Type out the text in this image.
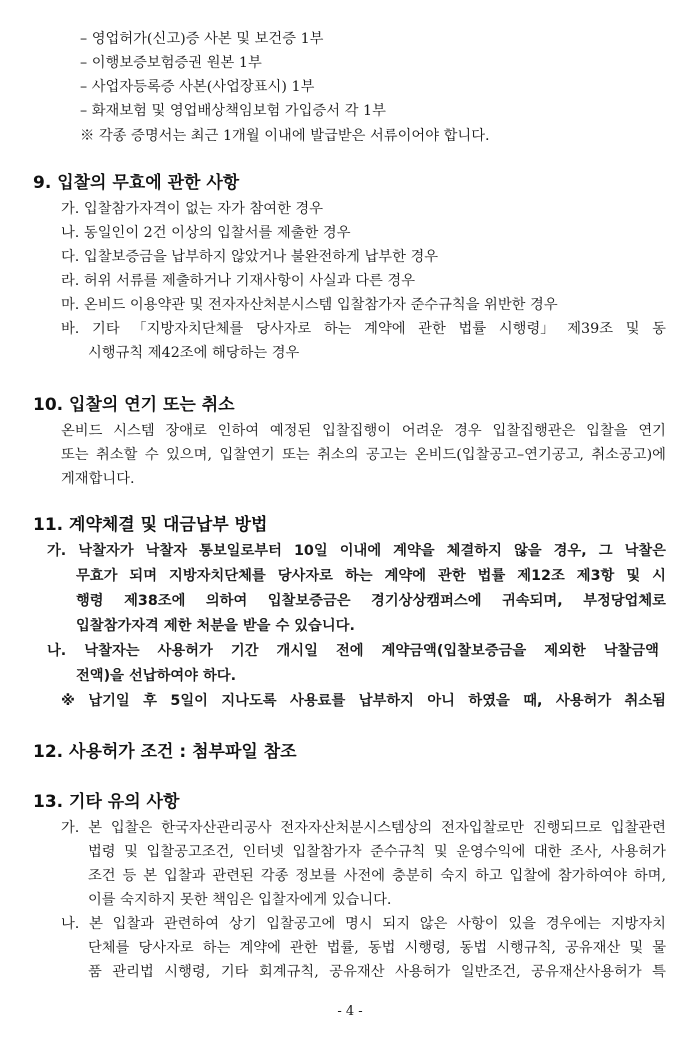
– 영업허가(신고)증 사본 및 보건증 1부
– 이행보증보험증권 원본 1부
– 사업자등록증 사본(사업장표시) 1부
– 화재보험 및 영업배상책임보험 가입증서 각 1부
※ 각종 증명서는 최근 1개월 이내에 발급받은 서류이어야 합니다.
9. 입찰의 무효에 관한 사항
가. 입찰참가자격이 없는 자가 참여한 경우
나. 동일인이 2건 이상의 입찰서를 제출한 경우
다. 입찰보증금을 납부하지 않았거나 불완전하게 납부한 경우
라. 허위 서류를 제출하거나 기재사항이 사실과 다른 경우
마. 온비드 이용약관 및 전자자산처분시스템 입찰참가자 준수규칙을 위반한 경우
바. 기타 「지방자치단체를 당사자로 하는 계약에 관한 법률 시행령」 제39조 및 동
시행규칙 제42조에 해당하는 경우
10. 입찰의 연기 또는 취소
온비드 시스템 장애로 인하여 예정된 입찰집행이 어려운 경우 입찰집행관은 입찰을 연기
또는 취소할 수 있으며, 입찰연기 또는 취소의 공고는 온비드(입찰공고–연기공고, 취소공고)에
게재합니다.
11. 계약체결 및 대금납부 방법
가. 낙찰자가 낙찰자 통보일로부터 10일 이내에 계약을 체결하지 않을 경우, 그 낙찰은
무효가 되며 지방자치단체를 당사자로 하는 계약에 관한 법률 제12조 제3항 및 시
행령 제38조에 의하여 입찰보증금은 경기상상캠퍼스에 귀속되며, 부정당업체로
입찰참가자격 제한 처분을 받을 수 있습니다.
나. 낙찰자는 사용허가 기간 개시일 전에 계약금액(입찰보증금을 제외한 낙찰금액
전액)을 선납하여야 하다.
※ 납기일 후 5일이 지나도록 사용료를 납부하지 아니 하였을 때, 사용허가 취소됨
12. 사용허가 조건 : 첨부파일 참조
13. 기타 유의 사항
가. 본 입찰은 한국자산관리공사 전자자산처분시스템상의 전자입찰로만 진행되므로 입찰관련
법령 및 입찰공고조건, 인터넷 입찰참가자 준수규칙 및 운영수익에 대한 조사, 사용허가
조건 등 본 입찰과 관련된 각종 정보를 사전에 충분히 숙지 하고 입찰에 참가하여야 하며,
이를 숙지하지 못한 책임은 입찰자에게 있습니다.
나. 본 입찰과 관련하여 상기 입찰공고에 명시 되지 않은 사항이 있을 경우에는 지방자치
단체를 당사자로 하는 계약에 관한 법률, 동법 시행령, 동법 시행규칙, 공유재산 및 물
품 관리법 시행령, 기타 회계규칙, 공유재산 사용허가 일반조건, 공유재산사용허가 특
- 4 -
